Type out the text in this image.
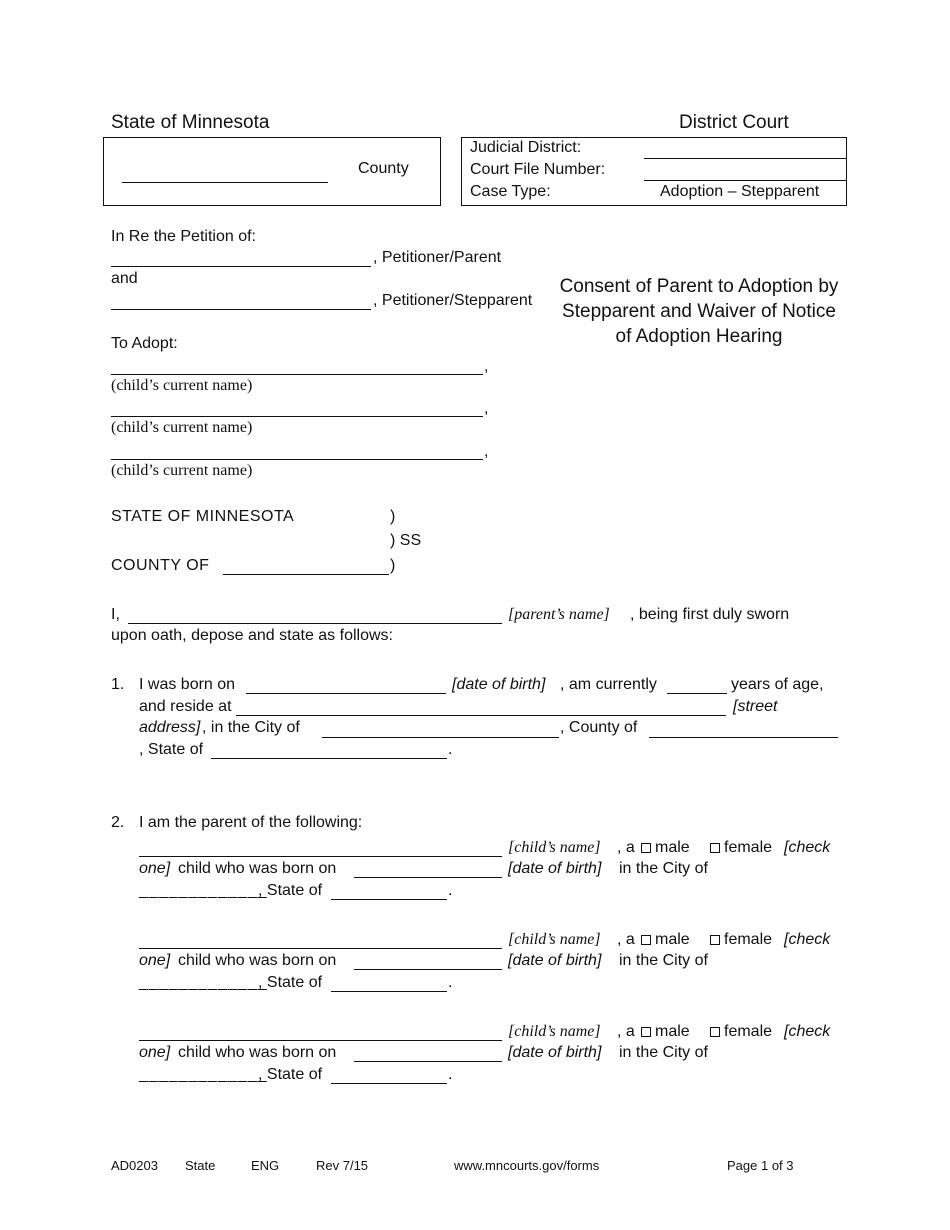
State of Minnesota	District Court
County
Judicial District:
Court File Number:
Case Type:	Adoption – Stepparent
In Re the Petition of:
, Petitioner/Parent
and
, Petitioner/Stepparent
To Adopt:
,
(child’s current name)
,
(child’s current name)
,
(child’s current name)
Consent of Parent to Adoption by Stepparent and Waiver of Notice of Adoption Hearing
STATE OF MINNESOTA	)
) SS
COUNTY OF	)
I,	[parent’s name] , being first duly sworn
upon oath, depose and state as follows:
1. I was born on	[date of birth] , am currently	years of age,
and reside at	[street
address] , in the City of	, County of
, State of	.
2. I am the parent of the following:
[child’s name] , a	male	female [check
one] child who was born on	[date of birth] in the City of
_____________
, State of	.
[child’s name] , a	male	female [check
one] child who was born on	[date of birth] in the City of
_____________
, State of	.
[child’s name] , a	male	female [check
one] child who was born on	[date of birth] in the City of
_____________
, State of	.
AD0203 State	ENG	Rev 7/15	www.mncourts.gov/forms	Page 1 of 3
